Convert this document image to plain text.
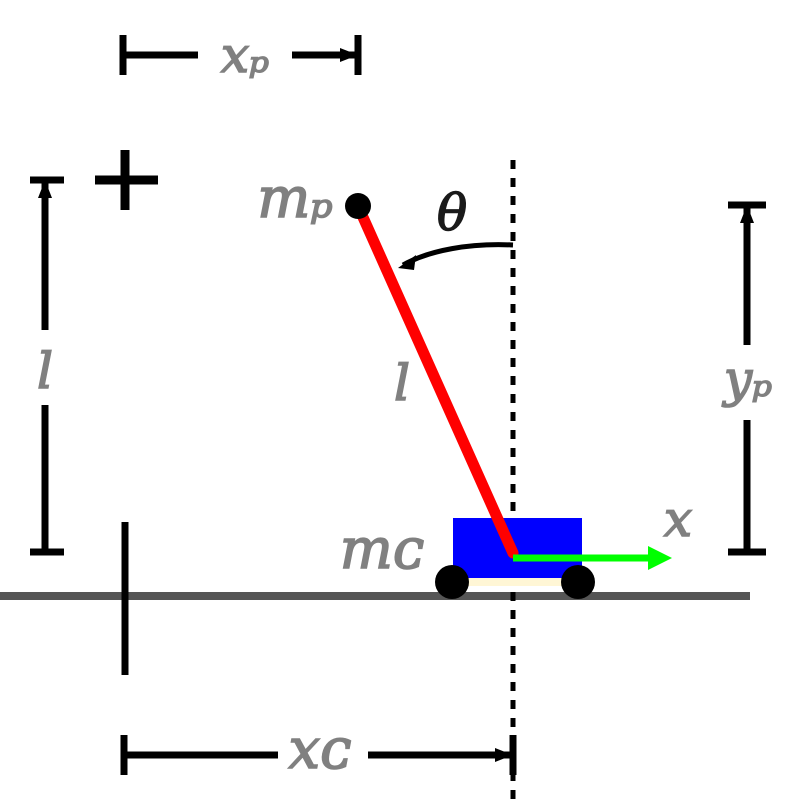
xₚ
xᴄ
l	yₚ
θ
x
mₚ
mᴄ
l
